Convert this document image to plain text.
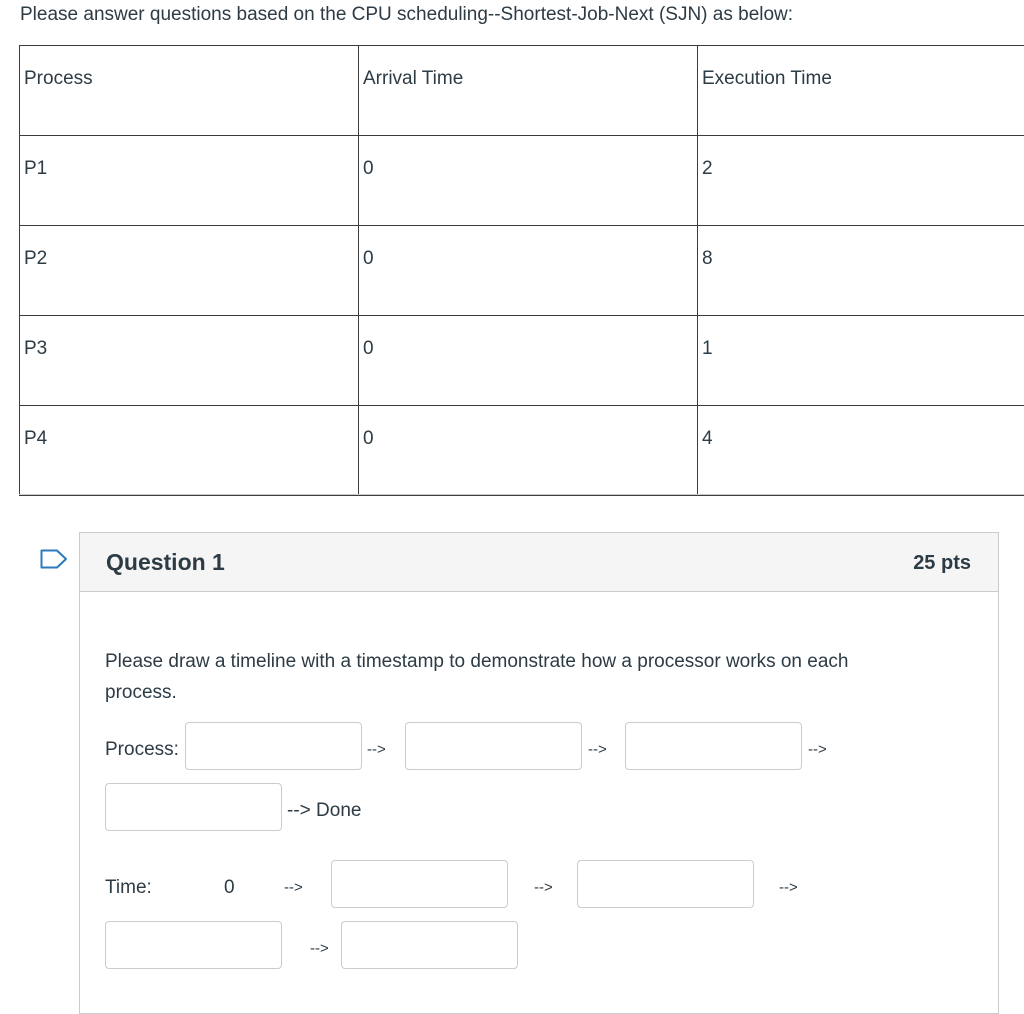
Please answer questions based on the CPU scheduling--Shortest-Job-Next (SJN) as below:
Process	Arrival Time	Execution Time
P1	0	2
P2	0	8
P3	0	1
P4	0	4
Question 1	25 pts
Please draw a timeline with a timestamp to demonstrate how a processor works on each process.
Process:	-->	-->	-->
--> Done
Time:	0	-->	-->	-->
-->
